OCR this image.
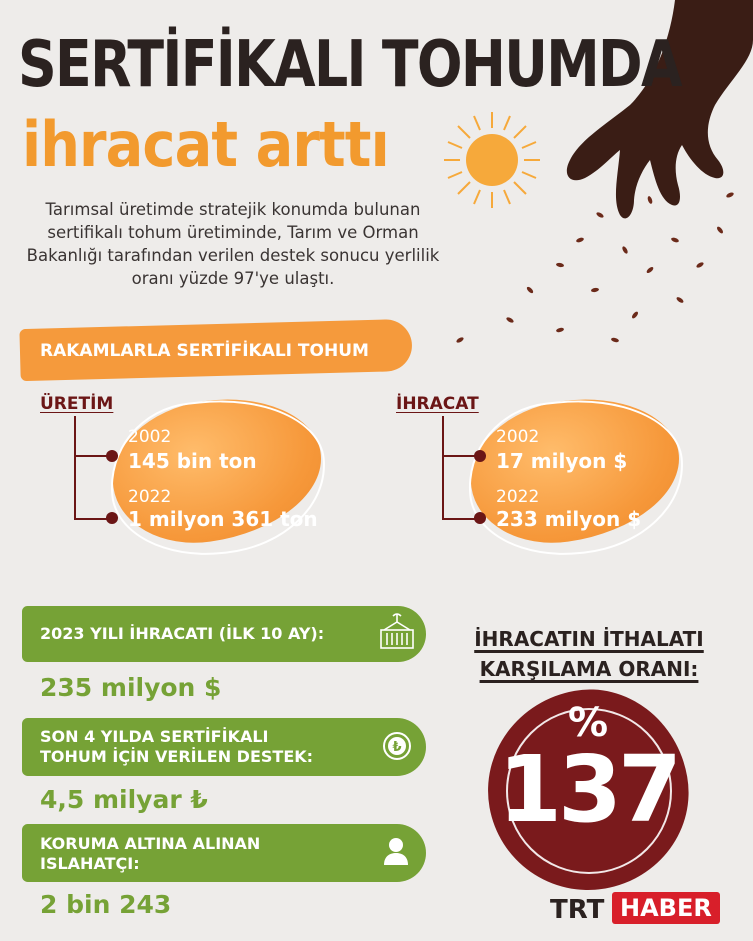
SERTİFİKALI TOHUMDA
ihracat arttı
Tarımsal üretimde stratejik konumda bulunan sertifikalı tohum üretiminde, Tarım ve Orman Bakanlığı tarafından verilen destek sonucu yerlilik oranı yüzde 97'ye ulaştı.
RAKAMLARLA SERTİFİKALI TOHUM
ÜRETİM
2002
145 bin ton
2022
1 milyon 361 ton
İHRACAT
2002
17 milyon $
2022
233 milyon $
2023 YILI İHRACATI (İLK 10 AY):
235 milyon $
SON 4 YILDA SERTİFİKALI
TOHUM İÇİN VERİLEN DESTEK:	₺
4,5 milyar ₺
KORUMA ALTINA ALINAN
ISLAHATÇI:
2 bin 243
İHRACATIN İTHALATI
KARŞILAMA ORANI:
%
137
TRT HABER
